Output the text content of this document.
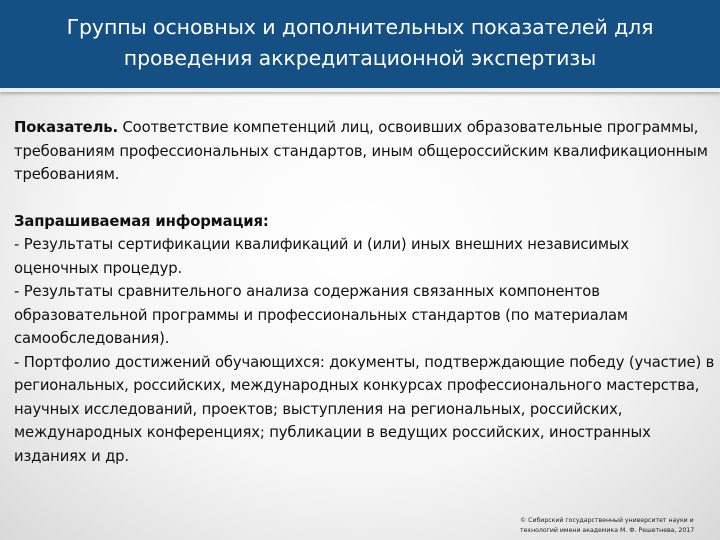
Группы основных и дополнительных показателей для
проведения аккредитационной экспертизы

Показатель. Соответствие компетенций лиц, освоивших образовательные программы, требованиям профессиональных стандартов, иным общероссийским квалификационным требованиям.

Запрашиваемая информация:
- Результаты сертификации квалификаций и (или) иных внешних независимых оценочных процедур.
- Результаты сравнительного анализа содержания связанных компонентов образовательной программы и профессиональных стандартов (по материалам самообследования).
- Портфолио достижений обучающихся: документы, подтверждающие победу (участие) в региональных, российских, международных конкурсах профессионального мастерства, научных исследований, проектов; выступления на региональных, российских, международных конференциях; публикации в ведущих российских, иностранных изданиях и др.
© Сибирский государственный университет науки и технологий имени академика М. Ф. Решетнева, 2017
